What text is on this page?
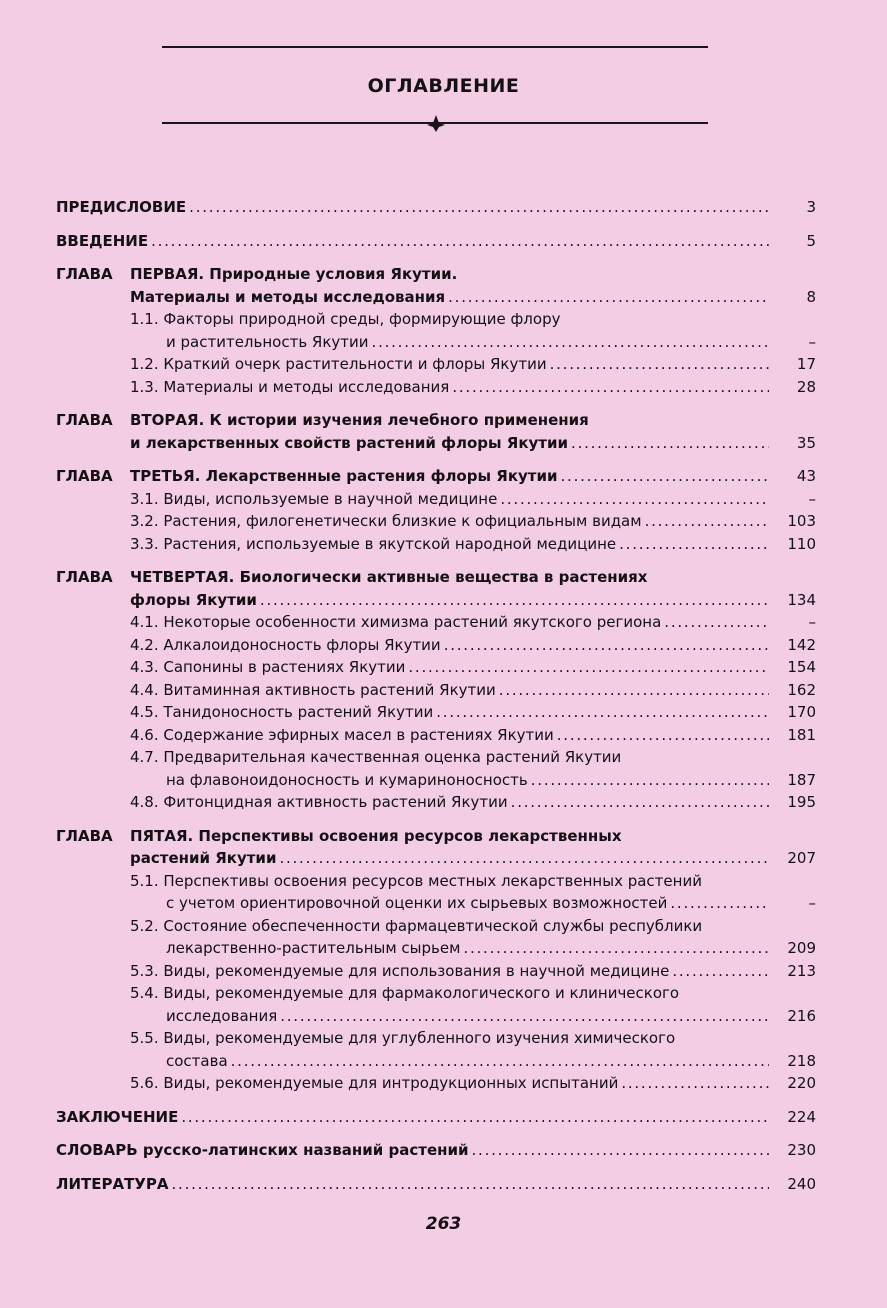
ОГЛАВЛЕНИЕ
ПРЕДИСЛОВИЕ . . .	3
ВВЕДЕНИЕ . . .	5
ГЛАВА ПЕРВАЯ. Природные условия Якутии.
Материалы и методы исследования . . .	8
1.1. Факторы природной среды, формирующие флору
и растительность Якутии . . .	–
1.2. Краткий очерк растительности и флоры Якутии . . .	17
1.3. Материалы и методы исследования . . .	28
ГЛАВА ВТОРАЯ. К истории изучения лечебного применения
и лекарственных свойств растений флоры Якутии . . .	35
ГЛАВА ТРЕТЬЯ. Лекарственные растения флоры Якутии . . .	43
3.1. Виды, используемые в научной медицине . . .	–
3.2. Растения, филогенетически близкие к официальным видам . . .	103
3.3. Растения, используемые в якутской народной медицине . . .	110
ГЛАВА ЧЕТВЕРТАЯ. Биологически активные вещества в растениях
флоры Якутии . . .	134
4.1. Некоторые особенности химизма растений якутского региона . . .	–
4.2. Алкалоидоносность флоры Якутии . . .	142
4.3. Сапонины в растениях Якутии . . .	154
4.4. Витаминная активность растений Якутии . . .	162
4.5. Танидоносность растений Якутии . . .	170
4.6. Содержание эфирных масел в растениях Якутии . . .	181
4.7. Предварительная качественная оценка растений Якутии
на флавоноидоносность и кумариноносность . . .	187
4.8. Фитонцидная активность растений Якутии . . .	195
ГЛАВА ПЯТАЯ. Перспективы освоения ресурсов лекарственных
растений Якутии . . .	207
5.1. Перспективы освоения ресурсов местных лекарственных растений
с учетом ориентировочной оценки их сырьевых возможностей . . .	–
5.2. Состояние обеспеченности фармацевтической службы республики
лекарственно-растительным сырьем . . .	209
5.3. Виды, рекомендуемые для использования в научной медицине . . .	213
5.4. Виды, рекомендуемые для фармакологического и клинического
исследования . . .	216
5.5. Виды, рекомендуемые для углубленного изучения химического
состава . . .	218
5.6. Виды, рекомендуемые для интродукционных испытаний . . .	220
ЗАКЛЮЧЕНИЕ . . .	224
СЛОВАРЬ русско-латинских названий растений . . .	230
ЛИТЕРАТУРА . . .	240
263
